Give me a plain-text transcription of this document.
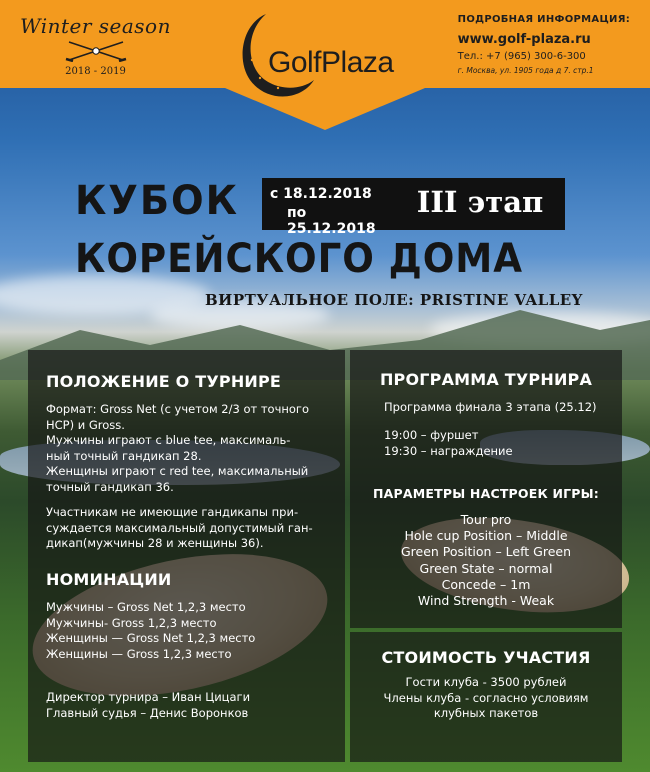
Winter season
2018 - 2019	GolfPlaza
ПОДРОБНАЯ ИНФОРМАЦИЯ:
www.golf-plaza.ru
Тел.: +7 (965) 300-6-300
г. Москва, ул. 1905 года д 7. стр.1
КУБОК с 18.12.2018
по 25.12.2018
III этап
КОРЕЙСКОГО ДОМА
ВИРТУАЛЬНОЕ ПОЛЕ: PRISTINE VALLEY
ПОЛОЖЕНИЕ О ТУРНИРЕ
Формат: Gross Net (с учетом 2/3 от точного
HCP) и Gross.
Мужчины играют с blue tee, максималь-
ный точный гандикап 28.
Женщины играют с red tee, максимальный
точный гандикап 36.
Участникам не имеющие гандикапы при-
суждается максимальный допустимый ган-
дикап(мужчины 28 и женщины 36).
НОМИНАЦИИ
Мужчины – Gross Net 1,2,3 место
Мужчины- Gross 1,2,3 место
Женщины — Gross Net 1,2,3 место
Женщины — Gross 1,2,3 место
Директор турнира – Иван Цицаги
Главный судья – Денис Воронков
ПРОГРАММА ТУРНИРА
Программа финала 3 этапа (25.12)
19:00 – фуршет
19:30 – награждение
ПАРАМЕТРЫ НАСТРОЕК ИГРЫ:
Tour pro
Hole cup Position – Middle
Green Position – Left Green
Green State – normal
Concede – 1m
Wind Strength - Weak
СТОИМОСТЬ УЧАСТИЯ
Гости клуба - 3500 рублей
Члены клуба - согласно условиям
клубных пакетов
